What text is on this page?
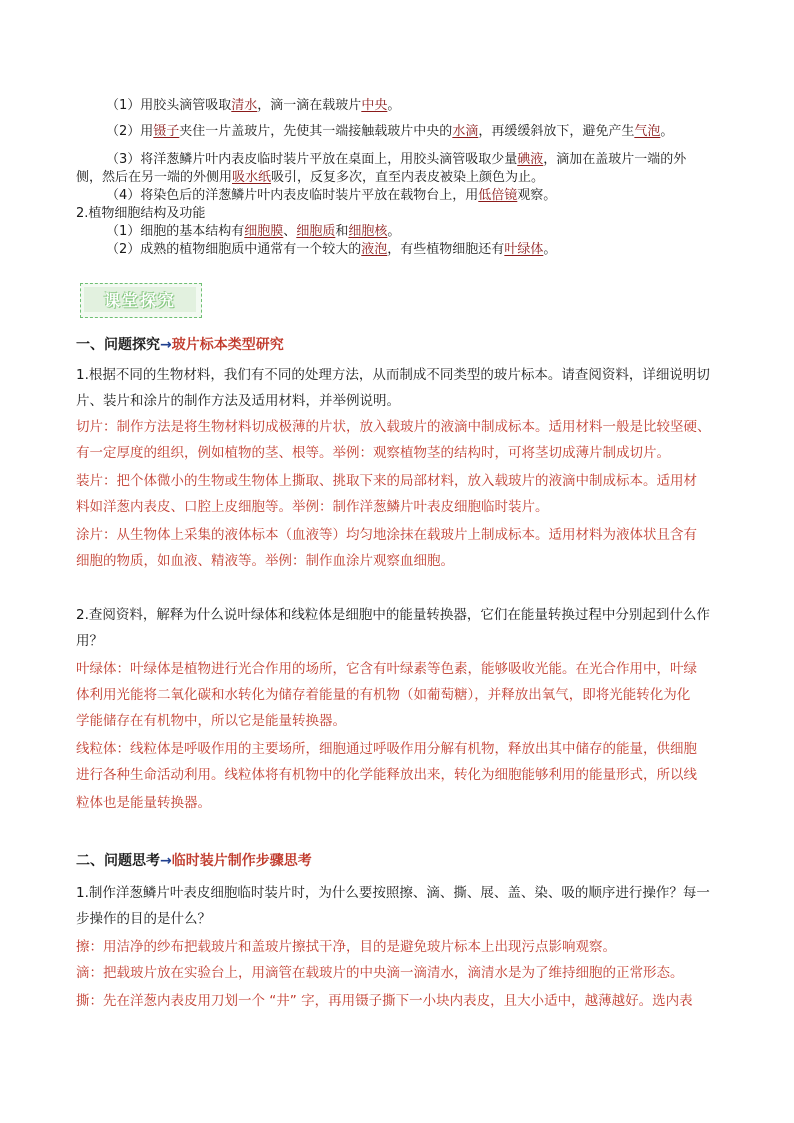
（1）用胶头滴管吸取清水，滴一滴在载玻片中央。
（2）用镊子夹住一片盖玻片，先使其一端接触载玻片中央的水滴，再缓缓斜放下，避免产生气泡。
（3）将洋葱鳞片叶内表皮临时装片平放在桌面上，用胶头滴管吸取少量碘液，滴加在盖玻片一端的外
侧，然后在另一端的外侧用吸水纸吸引，反复多次，直至内表皮被染上颜色为止。
（4）将染色后的洋葱鳞片叶内表皮临时装片平放在载物台上，用低倍镜观察。
2.植物细胞结构及功能
（1）细胞的基本结构有细胞膜、细胞质和细胞核。
（2）成熟的植物细胞质中通常有一个较大的液泡，有些植物细胞还有叶绿体。
课堂探究
一、问题探究→玻片标本类型研究
1.根据不同的生物材料，我们有不同的处理方法，从而制成不同类型的玻片标本。请查阅资料，详细说明切
片、装片和涂片的制作方法及适用材料，并举例说明。
切片：制作方法是将生物材料切成极薄的片状，放入载玻片的液滴中制成标本。适用材料一般是比较坚硬、
有一定厚度的组织，例如植物的茎、根等。举例：观察植物茎的结构时，可将茎切成薄片制成切片。
装片：把个体微小的生物或生物体上撕取、挑取下来的局部材料，放入载玻片的液滴中制成标本。适用材
料如洋葱内表皮、口腔上皮细胞等。举例：制作洋葱鳞片叶表皮细胞临时装片。
涂片：从生物体上采集的液体标本（血液等）均匀地涂抹在载玻片上制成标本。适用材料为液体状且含有
细胞的物质，如血液、精液等。举例：制作血涂片观察血细胞。
2.查阅资料，解释为什么说叶绿体和线粒体是细胞中的能量转换器，它们在能量转换过程中分别起到什么作
用？
叶绿体：叶绿体是植物进行光合作用的场所，它含有叶绿素等色素，能够吸收光能。在光合作用中，叶绿
体利用光能将二氧化碳和水转化为储存着能量的有机物（如葡萄糖），并释放出氧气，即将光能转化为化
学能储存在有机物中，所以它是能量转换器。
线粒体：线粒体是呼吸作用的主要场所，细胞通过呼吸作用分解有机物，释放出其中储存的能量，供细胞
进行各种生命活动利用。线粒体将有机物中的化学能释放出来，转化为细胞能够利用的能量形式，所以线
粒体也是能量转换器。
二、问题思考→临时装片制作步骤思考
1.制作洋葱鳞片叶表皮细胞临时装片时，为什么要按照擦、滴、撕、展、盖、染、吸的顺序进行操作？每一
步操作的目的是什么？
擦：用洁净的纱布把载玻片和盖玻片擦拭干净，目的是避免玻片标本上出现污点影响观察。
滴：把载玻片放在实验台上，用滴管在载玻片的中央滴一滴清水，滴清水是为了维持细胞的正常形态。
撕：先在洋葱内表皮用刀划一个 “井” 字，再用镊子撕下一小块内表皮，且大小适中，越薄越好。选内表
